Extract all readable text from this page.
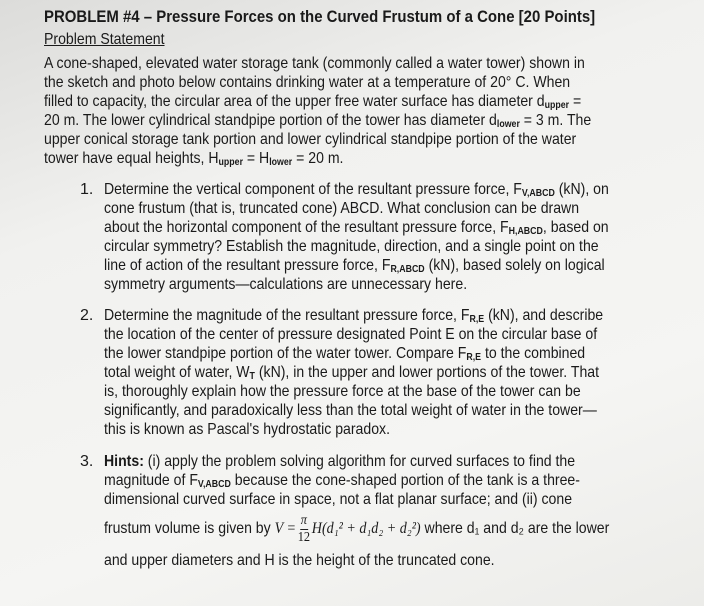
PROBLEM #4 – Pressure Forces on the Curved Frustum of a Cone [20 Points]
Problem Statement
A cone-shaped, elevated water storage tank (commonly called a water tower) shown in
the sketch and photo below contains drinking water at a temperature of 20° C. When
filled to capacity, the circular area of the upper free water surface has diameter $d_{upper}$ =
20 m. The lower cylindrical standpipe portion of the tower has diameter $d_{lower} = 3$ m. The
upper conical storage tank portion and lower cylindrical standpipe portion of the water
tower have equal heights, $H_{upper} = H_{lower} = 20$ m.
1. Determine the vertical component of the resultant pressure force, $F_{V,ABCD}$ (kN), on
cone frustum (that is, truncated cone) ABCD. What conclusion can be drawn
about the horizontal component of the resultant pressure force, $F_{H,ABCD}$, based on
circular symmetry? Establish the magnitude, direction, and a single point on the
line of action of the resultant pressure force, $F_{R,ABCD}$ (kN), based solely on logical
symmetry arguments—calculations are unnecessary here.
2. Determine the magnitude of the resultant pressure force, $F_{R,E}$ (kN), and describe
the location of the center of pressure designated Point E on the circular base of
the lower standpipe portion of the water tower. Compare $F_{R,E}$ to the combined
total weight of water, $W_T$ (kN), in the upper and lower portions of the tower. That
is, thoroughly explain how the pressure force at the base of the tower can be
significantly, and paradoxically less than the total weight of water in the tower—
this is known as Pascal's hydrostatic paradox.
3. Hints: (i) apply the problem solving algorithm for curved surfaces to find the
magnitude of $F_{V,ABCD}$ because the cone-shaped portion of the tank is a three-
dimensional curved surface in space, not a flat planar surface; and (ii) cone
frustum volume is given by $V = \frac{\pi}{12} H(d_1^2 + d_1d_2 + d_2^2)$ where d₁ and d₂ are the lower
and upper diameters and H is the height of the truncated cone.
